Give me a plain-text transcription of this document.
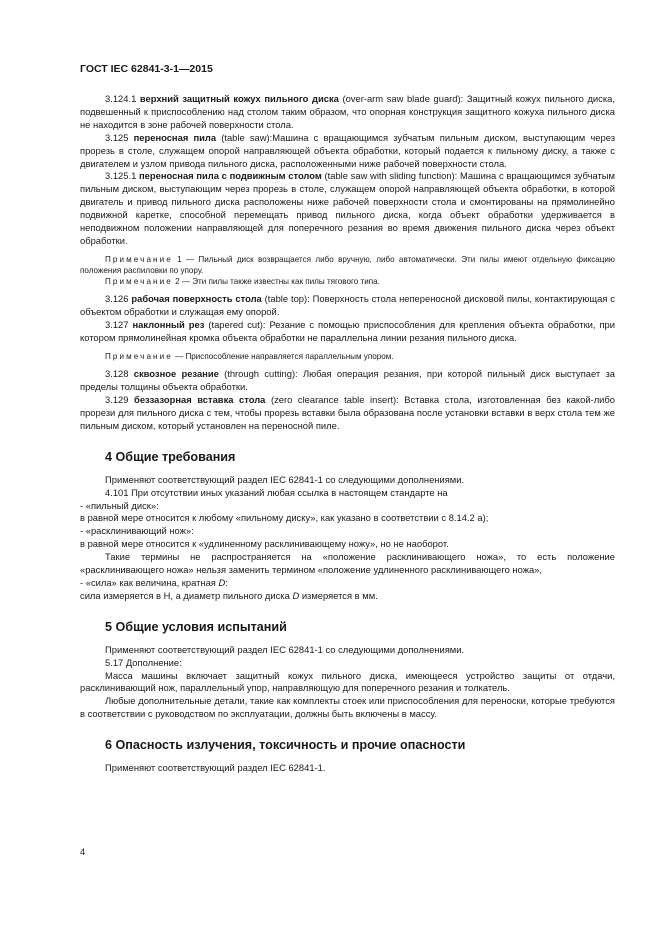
ГОСТ IEC 62841-3-1—2015

3.124.1 верхний защитный кожух пильного диска (over-arm saw blade guard): Защитный кожух пильного диска, подвешенный к приспособлению над столом таким образом, что опорная конструкция защитного кожуха пильного диска не находится в зоне рабочей поверхности стола.

3.125 переносная пила (table saw):Машина с вращающимся зубчатым пильным диском, выступающим через прорезь в столе, служащем опорой направляющей объекта обработки, который подается к пильному диску, а также с двигателем и узлом привода пильного диска, расположенными ниже рабочей поверхности стола.

3.125.1 переносная пила с подвижным столом (table saw with sliding function): Машина с вращающимся зубчатым пильным диском, выступающим через прорезь в столе, служащем опорой направляющей объекта обработки, в которой двигатель и привод пильного диска расположены ниже рабочей поверхности стола и смонтированы на прямолинейно подвижной каретке, способной перемещать привод пильного диска, когда объект обработки удерживается в неподвижном положении направляющей для поперечного резания во время движения пильного диска через объект обработки.

Примечание 1 — Пильный диск возвращается либо вручную, либо автоматически. Эти пилы имеют отдельную фиксацию положения распиловки по упору.

Примечание 2 — Эти пилы также известны как пилы тягового типа.

3.126 рабочая поверхность стола (table top): Поверхность стола непереносной дисковой пилы, контактирующая с объектом обработки и служащая ему опорой.

3.127 наклонный рез (tapered cut): Резание с помощью приспособления для крепления объекта обработки, при котором прямолинейная кромка объекта обработки не параллельна линии резания пильного диска.

Примечание — Приспособление направляется параллельным упором.

3.128 сквозное резание (through cutting): Любая операция резания, при которой пильный диск выступает за пределы толщины объекта обработки.

3.129 беззазорная вставка стола (zero clearance table insert): Вставка стола, изготовленная без какой-либо прорези для пильного диска с тем, чтобы прорезь вставки была образована после установки вставки в верх стола тем же пильным диском, который установлен на переносной пиле.

4 Общие требования

Применяют соответствующий раздел IEC 62841-1 со следующими дополнениями.

4.101 При отсутствии иных указаний любая ссылка в настоящем стандарте на

- «пильный диск»:

в равной мере относится к любому «пильному диску», как указано в соответствии с 8.14.2 а);

- «расклинивающий нож»:

в равной мере относится к «удлиненному расклинивающему ножу», но не наоборот.

Такие термины не распространяется на «положение расклинивающего ножа», то есть положение «расклинивающего ножа» нельзя заменить термином «положение удлиненного расклинивающего ножа»,

- «сила» как величина, кратная D:

сила измеряется в Н, а диаметр пильного диска D измеряется в мм.

5 Общие условия испытаний

Применяют соответствующий раздел IEC 62841-1 со следующими дополнениями.

5.17 Дополнение:

Масса машины включает защитный кожух пильного диска, имеющееся устройство защиты от отдачи, расклинивающий нож, параллельный упор, направляющую для поперечного резания и толкатель.

Любые дополнительные детали, такие как комплекты стоек или приспособления для переноски, которые требуются в соответствии с руководством по эксплуатации, должны быть включены в массу.

6 Опасность излучения, токсичность и прочие опасности

Применяют соответствующий раздел IEC 62841-1.

4
